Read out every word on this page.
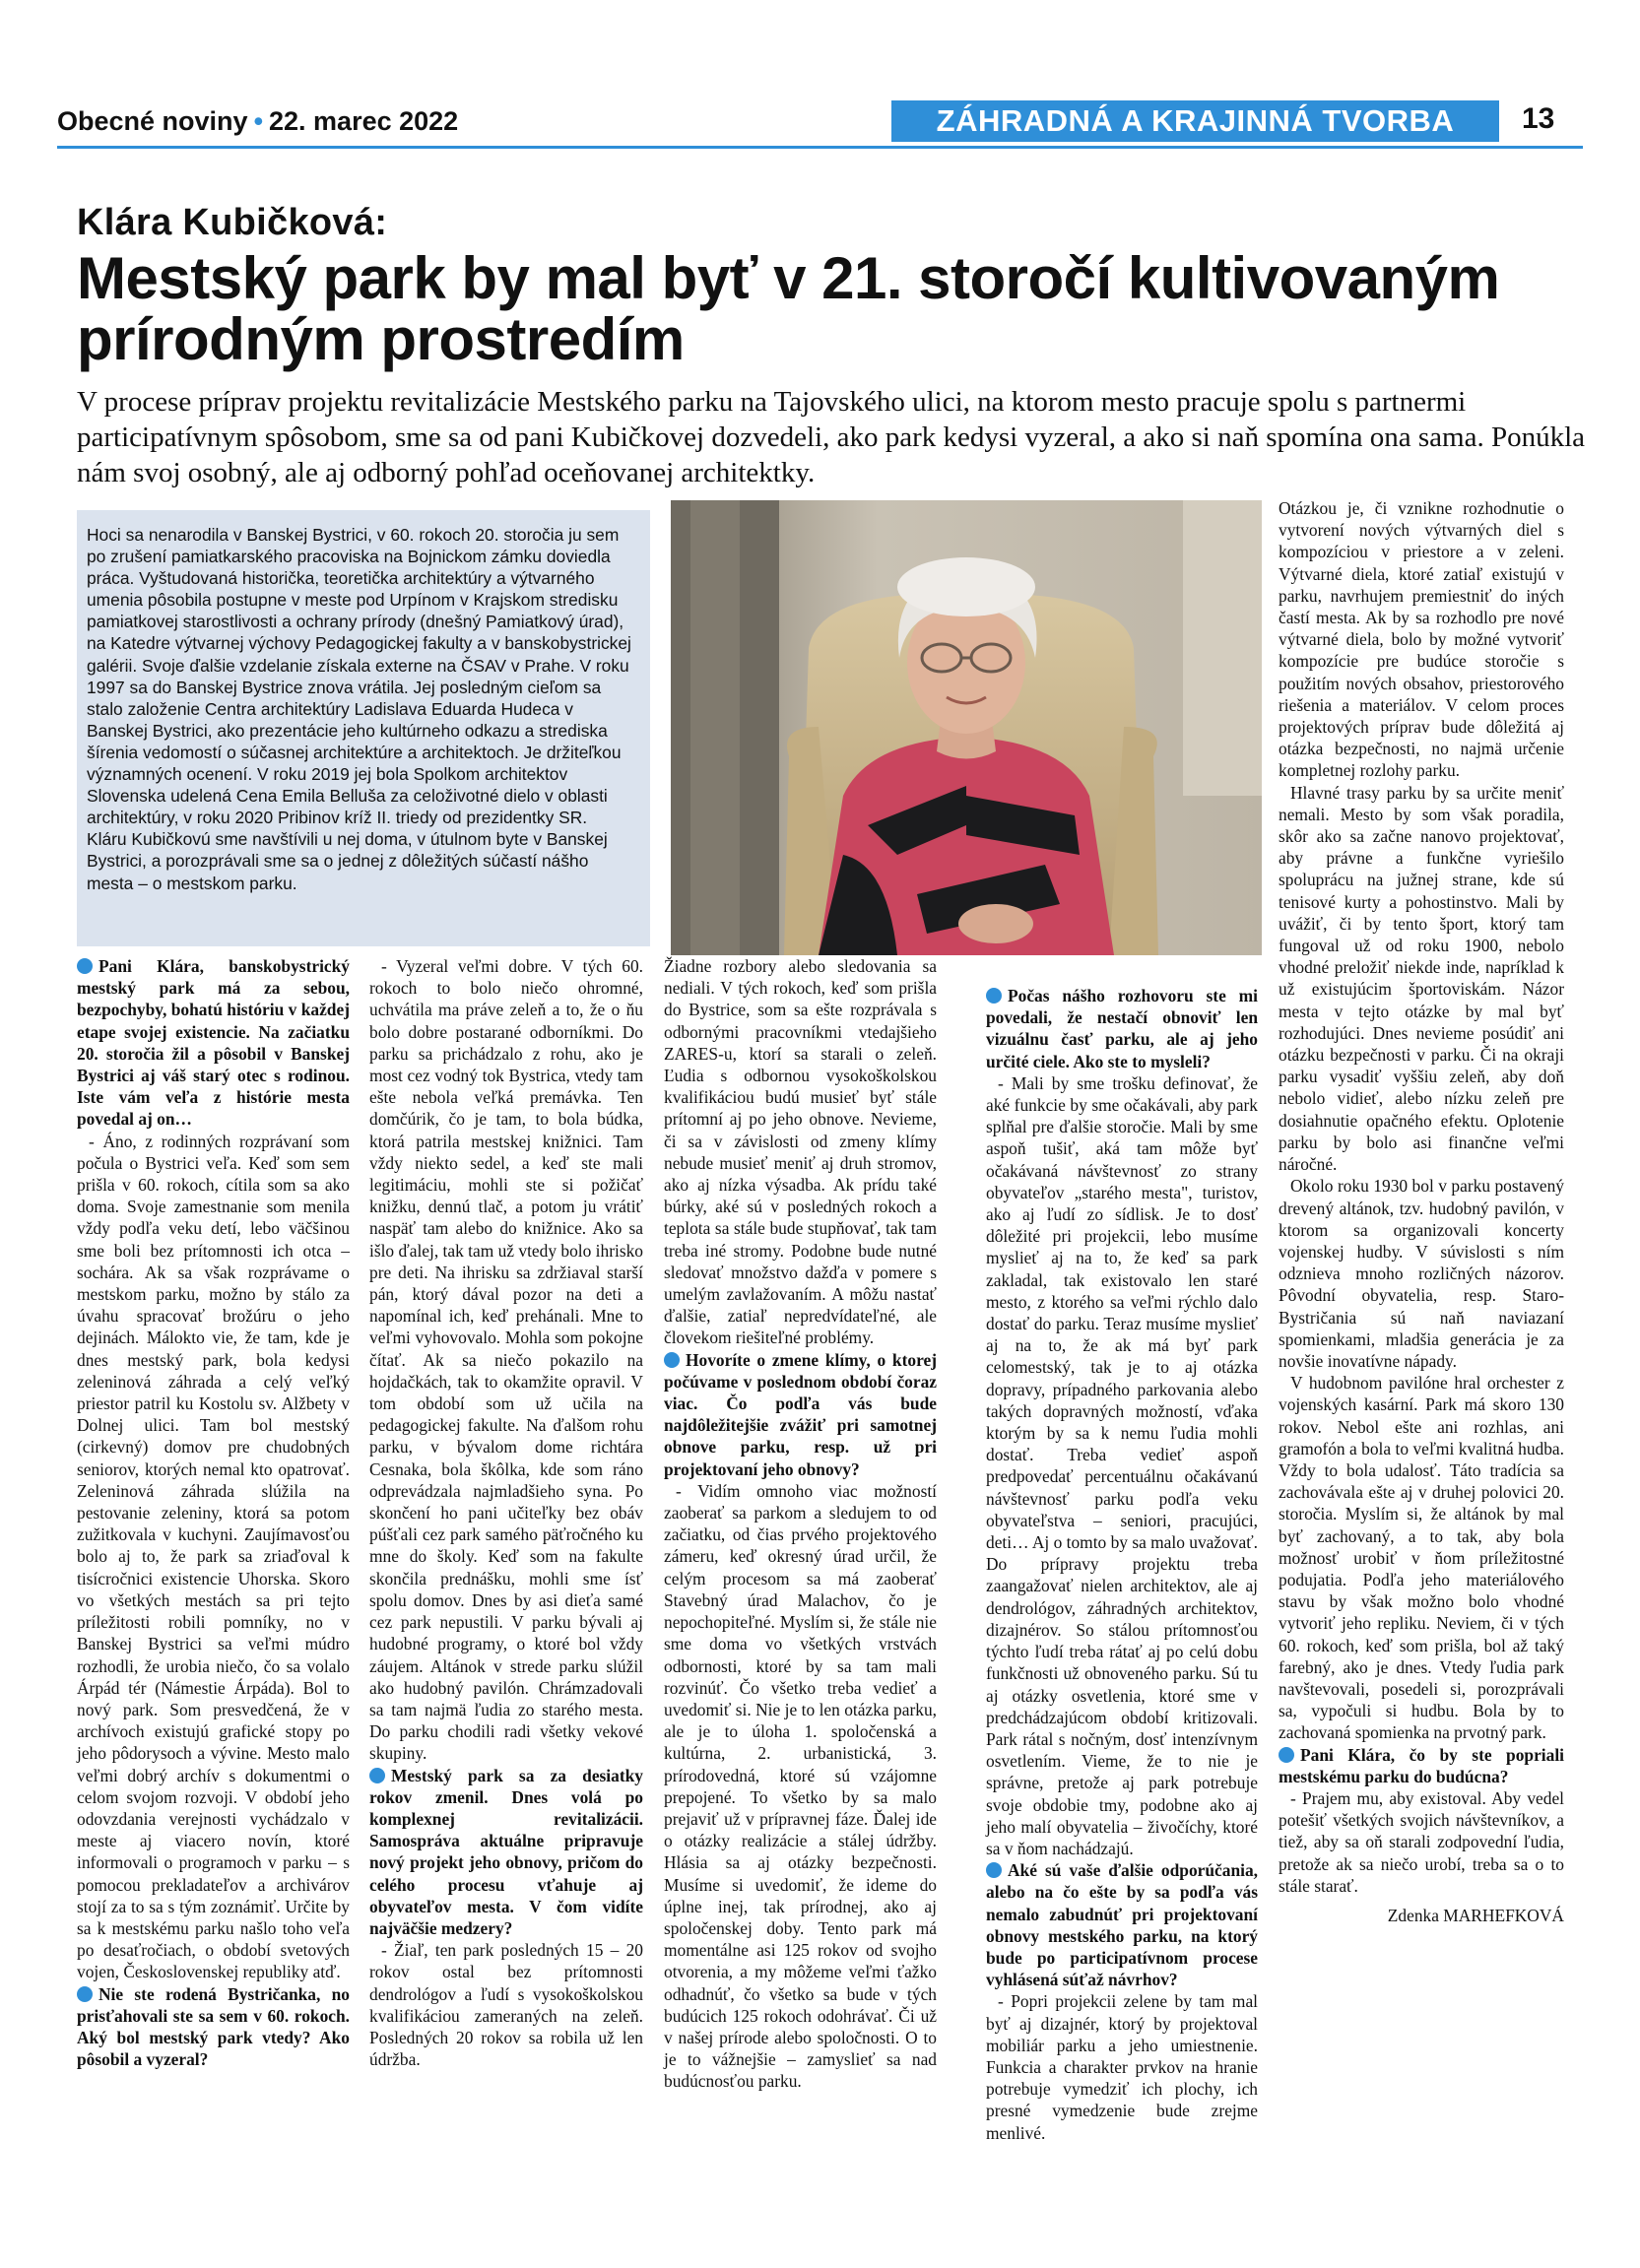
Obecné noviny • 22. marec 2022	ZÁHRADNÁ A KRAJINNÁ TVORBA	13
Klára Kubičková:
Mestský park by mal byť v 21. storočí kultivovaným prírodným prostredím
V procese príprav projektu revitalizácie Mestského parku na Tajovského ulici, na ktorom mesto pracuje spolu s partnermi participatívnym spôsobom, sme sa od pani Kubičkovej dozvedeli, ako park kedysi vyzeral, a ako si naň spomína ona sama. Ponúkla nám svoj osobný, ale aj odborný pohľad oceňovanej architektky.
Hoci sa nenarodila v Banskej Bystrici, v 60. rokoch 20. storočia ju sem po zrušení pamiatkarského pracoviska na Bojnickom zámku doviedla práca. Vyštudovaná historička, teoretička architektúry a výtvarného umenia pôsobila postupne v meste pod Urpínom v Krajskom stredisku pamiatkovej starostlivosti a ochrany prírody (dnešný Pamiatkový úrad), na Katedre výtvarnej výchovy Pedagogickej fakulty a v banskobystrickej galérii. Svoje ďalšie vzdelanie získala externe na ČSAV v Prahe. V roku 1997 sa do Banskej Bystrice znova vrátila. Jej posledným cieľom sa stalo založenie Centra architektúry Ladislava Eduarda Hudeca v Banskej Bystrici, ako prezentácie jeho kultúrneho odkazu a strediska šírenia vedomostí o súčasnej architektúre a architektoch. Je držiteľkou významných ocenení. V roku 2019 jej bola Spolkom architektov Slovenska udelená Cena Emila Belluša za celoživotné dielo v oblasti architektúry, v roku 2020 Pribinov kríž II. triedy od prezidentky SR.
Kláru Kubičkovú sme navštívili u nej doma, v útulnom byte v Banskej Bystrici, a porozprávali sme sa o jednej z dôležitých súčastí nášho mesta – o mestskom parku.

Pani Klára, banskobystrický mestský park má za sebou, bezpochyby, bohatú históriu v každej etape svojej existencie. Na začiatku 20. storočia žil a pôsobil v Banskej Bystrici aj váš starý otec s rodinou. Iste vám veľa z histórie mesta povedal aj on…

- Áno, z rodinných rozprávaní som počula o Bystrici veľa. Keď som sem prišla v 60. rokoch, cítila som sa ako doma. Svoje zamestnanie som menila vždy podľa veku detí, lebo väčšinou sme boli bez prítomnosti ich otca – sochára. Ak sa však rozprávame o mestskom parku, možno by stálo za úvahu spracovať brožúru o jeho dejinách. Málokto vie, že tam, kde je dnes mestský park, bola kedysi zeleninová záhrada a celý veľký priestor patril ku Kostolu sv. Alžbety v Dolnej ulici. Tam bol mestský (cirkevný) domov pre chudobných seniorov, ktorých nemal kto opatrovať. Zeleninová záhrada slúžila na pestovanie zeleniny, ktorá sa potom zužitkovala v kuchyni. Zaujímavosťou bolo aj to, že park sa zriaďoval k tisícročnici existencie Uhorska. Skoro vo všetkých mestách sa pri tejto príležitosti robili pomníky, no v Banskej Bystrici sa veľmi múdro rozhodli, že urobia niečo, čo sa volalo Árpád tér (Námestie Árpáda). Bol to nový park. Som presvedčená, že v archívoch existujú grafické stopy po jeho pôdorysoch a vývine. Mesto malo veľmi dobrý archív s dokumentmi o celom svojom rozvoji. V období jeho odovzdania verejnosti vychádzalo v meste aj viacero novín, ktoré informovali o programoch v parku – s pomocou prekladateľov a archivárov stojí za to sa s tým zoznámiť. Určite by sa k mestskému parku našlo toho veľa po desaťročiach, o období svetových vojen, Československej republiky atď.

Nie ste rodená Bystričanka, no prisťahovali ste sa sem v 60. rokoch. Aký bol mestský park vtedy? Ako pôsobil a vyzeral?

- Vyzeral veľmi dobre. V tých 60. rokoch to bolo niečo ohromné, uchvátila ma práve zeleň a to, že o ňu bolo dobre postarané odborníkmi. Do parku sa prichádzalo z rohu, ako je most cez vodný tok Bystrica, vtedy tam ešte nebola veľká premávka. Ten domčúrik, čo je tam, to bola búdka, ktorá patrila mestskej knižnici. Tam vždy niekto sedel, a keď ste mali legitimáciu, mohli ste si požičať knižku, dennú tlač, a potom ju vrátiť naspäť tam alebo do knižnice. Ako sa išlo ďalej, tak tam už vtedy bolo ihrisko pre deti. Na ihrisku sa zdržiaval starší pán, ktorý dával pozor na deti a napomínal ich, keď prehánali. Mne to veľmi vyhovovalo. Mohla som pokojne čítať. Ak sa niečo pokazilo na hojdačkách, tak to okamžite opravil. V tom období som už učila na pedagogickej fakulte. Na ďalšom rohu parku, v bývalom dome richtára Cesnaka, bola škôlka, kde som ráno odprevádzala najmladšieho syna. Po skončení ho pani učiteľky bez obáv púšťali cez park samého päťročného ku mne do školy. Keď som na fakulte skončila prednášku, mohli sme ísť spolu domov. Dnes by asi dieťa samé cez park nepustili. V parku bývali aj hudobné programy, o ktoré bol vždy záujem. Altánok v strede parku slúžil ako hudobný pavilón. Chrámzadovali sa tam najmä ľudia zo starého mesta. Do parku chodili radi všetky vekové skupiny.

Mestský park sa za desiatky rokov zmenil. Dnes volá po komplexnej revitalizácii. Samospráva aktuálne pripravuje nový projekt jeho obnovy, pričom do celého procesu vťahuje aj obyvateľov mesta. V čom vidíte najväčšie medzery?

- Žiaľ, ten park posledných 15 – 20 rokov ostal bez prítomnosti dendrológov a ľudí s vysokoškolskou kvalifikáciou zameraných na zeleň. Posledných 20 rokov sa robila už len údržba.

Žiadne rozbory alebo sledovania sa nediali. V tých rokoch, keď som prišla do Bystrice, som sa ešte rozprávala s odbornými pracovníkmi vtedajšieho ZARES-u, ktorí sa starali o zeleň. Ľudia s odbornou vysokoškolskou kvalifikáciou budú musieť byť stále prítomní aj po jeho obnove. Nevieme, či sa v závislosti od zmeny klímy nebude musieť meniť aj druh stromov, ako aj nízka výsadba. Ak prídu také búrky, aké sú v posledných rokoch a teplota sa stále bude stupňovať, tak tam treba iné stromy. Podobne bude nutné sledovať množstvo dažďa v pomere s umelým zavlažovaním. A môžu nastať ďalšie, zatiaľ nepredvídateľné, ale človekom riešiteľné problémy.

Hovoríte o zmene klímy, o ktorej počúvame v poslednom období čoraz viac. Čo podľa vás bude najdôležitejšie zvážiť pri samotnej obnove parku, resp. už pri projektovaní jeho obnovy?

- Vidím omnoho viac možností zaoberať sa parkom a sledujem to od začiatku, od čias prvého projektového zámeru, keď okresný úrad určil, že celým procesom sa má zaoberať Stavebný úrad Malachov, čo je nepochopiteľné. Myslím si, že stále nie sme doma vo všetkých vrstvách odbornosti, ktoré by sa tam mali rozvinúť. Čo všetko treba vedieť a uvedomiť si. Nie je to len otázka parku, ale je to úloha 1. spoločenská a kultúrna, 2. urbanistická, 3. prírodovedná, ktoré sú vzájomne prepojené. To všetko by sa malo prejaviť už v prípravnej fáze. Ďalej ide o otázky realizácie a stálej údržby. Hlásia sa aj otázky bezpečnosti. Musíme si uvedomiť, že ideme do úplne inej, tak prírodnej, ako aj spoločenskej doby. Tento park má momentálne asi 125 rokov od svojho otvorenia, a my môžeme veľmi ťažko odhadnúť, čo všetko sa bude v tých budúcich 125 rokoch odohrávať. Či už v našej prírode alebo spoločnosti. O to je to vážnejšie – zamyslieť sa nad budúcnosťou parku.

Počas nášho rozhovoru ste mi povedali, že nestačí obnoviť len vizuálnu časť parku, ale aj jeho určité ciele. Ako ste to mysleli?

- Mali by sme trošku definovať, že aké funkcie by sme očakávali, aby park splňal pre ďalšie storočie. Mali by sme aspoň tušiť, aká tam môže byť očakávaná návštevnosť zo strany obyvateľov „starého mesta", turistov, ako aj ľudí zo sídlisk. Je to dosť dôležité pri projekcii, lebo musíme myslieť aj na to, že keď sa park zakladal, tak existovalo len staré mesto, z ktorého sa veľmi rýchlo dalo dostať do parku. Teraz musíme myslieť aj na to, že ak má byť park celomestský, tak je to aj otázka dopravy, prípadného parkovania alebo takých dopravných možností, vďaka ktorým by sa k nemu ľudia mohli dostať. Treba vedieť aspoň predpovedať percentuálnu očakávanú návštevnosť parku podľa veku obyvateľstva – seniori, pracujúci, deti… Aj o tomto by sa malo uvažovať. Do prípravy projektu treba zaangažovať nielen architektov, ale aj dendrológov, záhradných architektov, dizajnérov. So stálou prítomnosťou týchto ľudí treba rátať aj po celú dobu funkčnosti už obnoveného parku. Sú tu aj otázky osvetlenia, ktoré sme v predchádzajúcom období kritizovali. Park rátal s nočným, dosť intenzívnym osvetlením. Vieme, že to nie je správne, pretože aj park potrebuje svoje obdobie tmy, podobne ako aj jeho malí obyvatelia – živočíchy, ktoré sa v ňom nachádzajú.

Aké sú vaše ďalšie odporúčania, alebo na čo ešte by sa podľa vás nemalo zabudnúť pri projektovaní obnovy mestského parku, na ktorý bude po participatívnom procese vyhlásená súťaž návrhov?

- Popri projekcii zelene by tam mal byť aj dizajnér, ktorý by projektoval mobiliár parku a jeho umiestnenie. Funkcia a charakter prvkov na hranie potrebuje vymedziť ich plochy, ich presné vymedzenie bude zrejme menlivé.

Otázkou je, či vznikne rozhodnutie o vytvorení nových výtvarných diel s kompozíciou v priestore a v zeleni. Výtvarné diela, ktoré zatiaľ existujú v parku, navrhujem premiestniť do iných častí mesta. Ak by sa rozhodlo pre nové výtvarné diela, bolo by možné vytvoriť kompozície pre budúce storočie s použitím nových obsahov, priestorového riešenia a materiálov. V celom proces projektových príprav bude dôležitá aj otázka bezpečnosti, no najmä určenie kompletnej rozlohy parku.

Hlavné trasy parku by sa určite meniť nemali. Mesto by som však poradila, skôr ako sa začne nanovo projektovať, aby právne a funkčne vyriešilo spoluprácu na južnej strane, kde sú tenisové kurty a pohostinstvo. Mali by uvážiť, či by tento šport, ktorý tam fungoval už od roku 1900, nebolo vhodné preložiť niekde inde, napríklad k už existujúcim športoviskám. Názor mesta v tejto otázke by mal byť rozhodujúci. Dnes nevieme posúdiť ani otázku bezpečnosti v parku. Či na okraji parku vysadiť vyššiu zeleň, aby doň nebolo vidieť, alebo nízku zeleň pre dosiahnutie opačného efektu. Oplotenie parku by bolo asi finančne veľmi náročné.

Okolo roku 1930 bol v parku postavený drevený altánok, tzv. hudobný pavilón, v ktorom sa organizovali koncerty vojenskej hudby. V súvislosti s ním odznieva mnoho rozličných názorov. Pôvodní obyvatelia, resp. Staro-Bystričania sú naň naviazaní spomienkami, mladšia generácia je za novšie inovatívne nápady.

V hudobnom pavilóne hral orchester z vojenských kasární. Park má skoro 130 rokov. Nebol ešte ani rozhlas, ani gramofón a bola to veľmi kvalitná hudba. Vždy to bola udalosť. Táto tradícia sa zachovávala ešte aj v druhej polovici 20. storočia. Myslím si, že altánok by mal byť zachovaný, a to tak, aby bola možnosť urobiť v ňom príležitostné podujatia. Podľa jeho materiálového stavu by však možno bolo vhodné vytvoriť jeho repliku. Neviem, či v tých 60. rokoch, keď som prišla, bol až taký farebný, ako je dnes. Vtedy ľudia park navštevovali, posedeli si, porozprávali sa, vypočuli si hudbu. Bola by to zachovaná spomienka na prvotný park.

Pani Klára, čo by ste popriali mestskému parku do budúcna?

- Prajem mu, aby existoval. Aby vedel potešiť všetkých svojich návštevníkov, a tiež, aby sa oň starali zodpovední ľudia, pretože ak sa niečo urobí, treba sa o to stále starať.

Zdenka MARHEFKOVÁ
